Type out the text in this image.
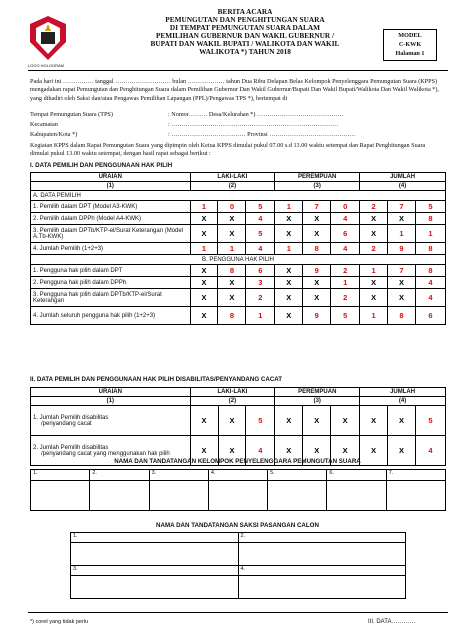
LOGO HOLOGRAM
BERITA ACARA
PEMUNGUTAN DAN PENGHITUNGAN SUARA
DI TEMPAT PEMUNGUTAN SUARA DALAM
PEMILIHAN GUBERNUR DAN WAKIL GUBERNUR /
BUPATI DAN WAKIL BUPATI / WALIKOTA DAN WAKIL
WALIKOTA *) TAHUN 2018
MODEL
C-KWK
Halaman 1
Pada hari ini …………… tanggal ……………………… bulan ……………… tahun Dua Ribu Delapan Belas Kelompok Penyelenggara Pemungutan Suara (KPPS) mengadakan rapat Pemungutan dan Penghitungan Suara dalam Pemilihan Gubernur Dan Wakil Gubernur/Bupati Dan Wakil Bupati/Walikota Dan Wakil Walikota *), yang dihadiri oleh Saksi dan/atau Pengawas Pemilihan Lapangan (PPL)/Pengawas TPS *), bertempat di
Tempat Pemungutan Suara (TPS)	: Nomor……… Desa/Kelurahan *) ……………………………………
Kecamatan	: ………………………………………………………………………
Kabupaten/Kota *)	: ……………………………… Provinsi ……………………………………
Kegiatan KPPS dalam Rapat Pemungutan Suara yang dipimpin oleh Ketua KPPS dimulai pukul 07.00 s.d 13.00 waktu setempat dan Rapat Penghitungan Suara dimulai pukul 13.00 waktu setempat, dengan hasil rapat sebagai berikut :
I. DATA PEMILIH DAN PENGGUNAAN HAK PILIH
URAIAN	LAKI-LAKI			PEREMPUAN			JUMLAH		
(1)	(2)			(3)			(4)		
A. DATA PEMILIH									
1. Pemilih dalam DPT (Model A3-KWK)	1	0	5	1	7	0	2	7	5
2. Pemilih dalam DPPh (Model A4-KWK)	X	X	4	X	X	4	X	X	8
3. Pemilih dalam DPTb/KTP-el/Surat Keterangan (Model A.Tb-KWK)	X	X	5	X	X	6	X	1	1
4. Jumlah Pemilih (1+2+3)	1	1	4	1	8	4	2	9	8
B. PENGGUNA HAK PILIH									
1. Pengguna hak pilih dalam DPT	X	8	6	X	9	2	1	7	8
2. Pengguna hak pilih dalam DPPh	X	X	3	X	X	1	X	X	4
3. Pengguna hak pilih dalam DPTb/KTP-el/Surat Keterangan	X	X	2	X	X	2	X	X	4
4. Jumlah seluruh pengguna hak pilih (1+2+3)	X	8	1	X	9	5	1	8	6
II. DATA PEMILIH DAN PENGGUNAAN HAK PILIH DISABILITAS/PENYANDANG CACAT
URAIAN	LAKI-LAKI			PEREMPUAN			JUMLAH		
(1)	(2)			(3)			(4)		

1. Jumlah Pemilih disabilitas
/penyandang cacat	X	X	5	X	X	X	X	X	5

2. Jumlah Pemilih disabilitas
/penyandang cacat yang menggunakan hak pilih	X	X	4	X	X	X	X	X	4
NAMA DAN TANDATANGAN KELOMPOK PENYELENGGARA PEMUNGUTAN SUARA
1.	2.	3.	4.	5.	6.	7.

NAMA DAN TANDATANGAN SAKSI PASANGAN CALON
1.	2.

3.	4.

*) coret yang tidak perlu	III. DATA…………
